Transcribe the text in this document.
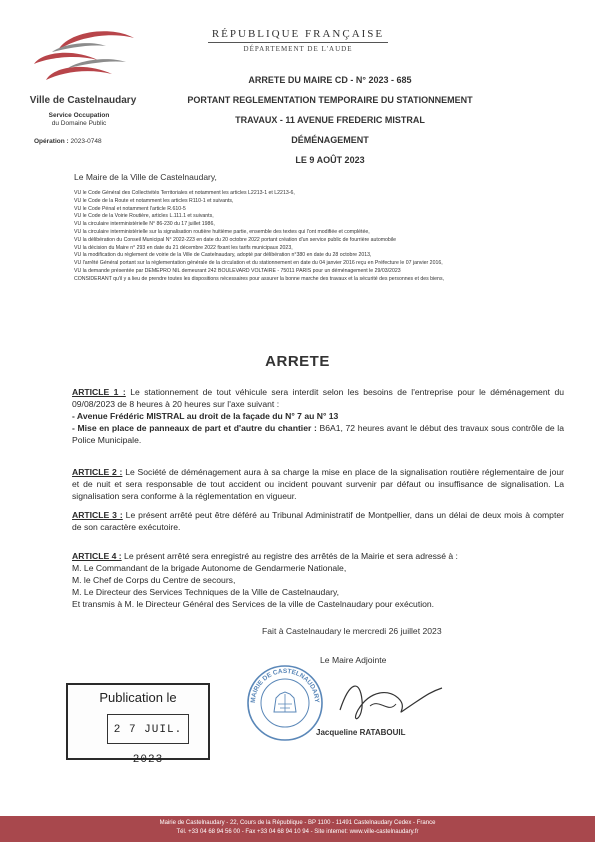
Ville de Castelnaudary
Service Occupation
du Domaine Public
Opération : 2023-0748
RÉPUBLIQUE FRANÇAISE
DÉPARTEMENT DE L'AUDE
ARRETE DU MAIRE CD - N° 2023 - 685
PORTANT REGLEMENTATION TEMPORAIRE DU STATIONNEMENT
TRAVAUX - 11 AVENUE FREDERIC MISTRAL
DÉMÉNAGEMENT
LE 9 AOÛT 2023
Le Maire de la Ville de Castelnaudary,
VU le Code Général des Collectivités Territoriales et notamment les articles L2213-1 et L2213-6,
VU le Code de la Route et notamment les articles R110-1 et suivants,
VU le Code Pénal et notamment l'article R.610-5
VU le Code de la Voirie Routière, articles L.111.1 et suivants,
VU la circulaire interministérielle N° 86-230 du 17 juillet 1986,
VU la circulaire interministérielle sur la signalisation routière huitième partie, ensemble des textes qui l'ont modifiée et complétée,
VU la délibération du Conseil Municipal N° 2022-223 en date du 20 octobre 2022 portant création d'un service public de fourrière automobile
VU la décision du Maire n° 293 en date du 21 décembre 2022 fixant les tarifs municipaux 2023,
VU la modification du règlement de voirie de la Ville de Castelnaudary, adopté par délibération n°380 en date du 28 octobre 2013,
VU l'arrêté Général portant sur la réglementation générale de la circulation et du stationnement en date du 04 janvier 2016 reçu en Préfecture le 07 janvier 2016,
VU la demande présentée par DEMEPRO NIL demeurant 242 BOULEVARD VOLTAIRE - 75011 PARIS pour un déménagement le 29/03/2023
CONSIDERANT qu'il y a lieu de prendre toutes les dispositions nécessaires pour assurer la bonne marche des travaux et la sécurité des personnes et des biens,
ARRETE
ARTICLE 1 : Le stationnement de tout véhicule sera interdit selon les besoins de l'entreprise pour le déménagement du 09/08/2023 de 8 heures à 20 heures sur l'axe suivant :
- Avenue Frédéric MISTRAL au droit de la façade du N° 7 au N° 13
- Mise en place de panneaux de part et d'autre du chantier : B6A1, 72 heures avant le début des travaux sous contrôle de la Police Municipale.
ARTICLE 2 : Le Société de déménagement aura à sa charge la mise en place de la signalisation routière réglementaire de jour et de nuit et sera responsable de tout accident ou incident pouvant survenir par défaut ou insuffisance de signalisation. La signalisation sera conforme à la réglementation en vigueur.
ARTICLE 3 : Le présent arrêté peut être déféré au Tribunal Administratif de Montpellier, dans un délai de deux mois à compter de son caractère exécutoire.
ARTICLE 4 : Le présent arrêté sera enregistré au registre des arrêtés de la Mairie et sera adressé à :
M. Le Commandant de la brigade Autonome de Gendarmerie Nationale,
M. le Chef de Corps du Centre de secours,
M. Le Directeur des Services Techniques de la Ville de Castelnaudary,
Et transmis à M. le Directeur Général des Services de la ville de Castelnaudary pour exécution.
Fait à Castelnaudary le mercredi 26 juillet 2023
Le Maire Adjointe
MAIRIE DE CASTELNAUDARY
Jacqueline RATABOUIL
Publication le
2 7 JUIL. 2023
Mairie de Castelnaudary - 22, Cours de la République - BP 1100 - 11491 Castelnaudary Cedex - France
Tél. +33 04 68 94 56 00 - Fax +33 04 68 94 10 94 - Site internet: www.ville-castelnaudary.fr
